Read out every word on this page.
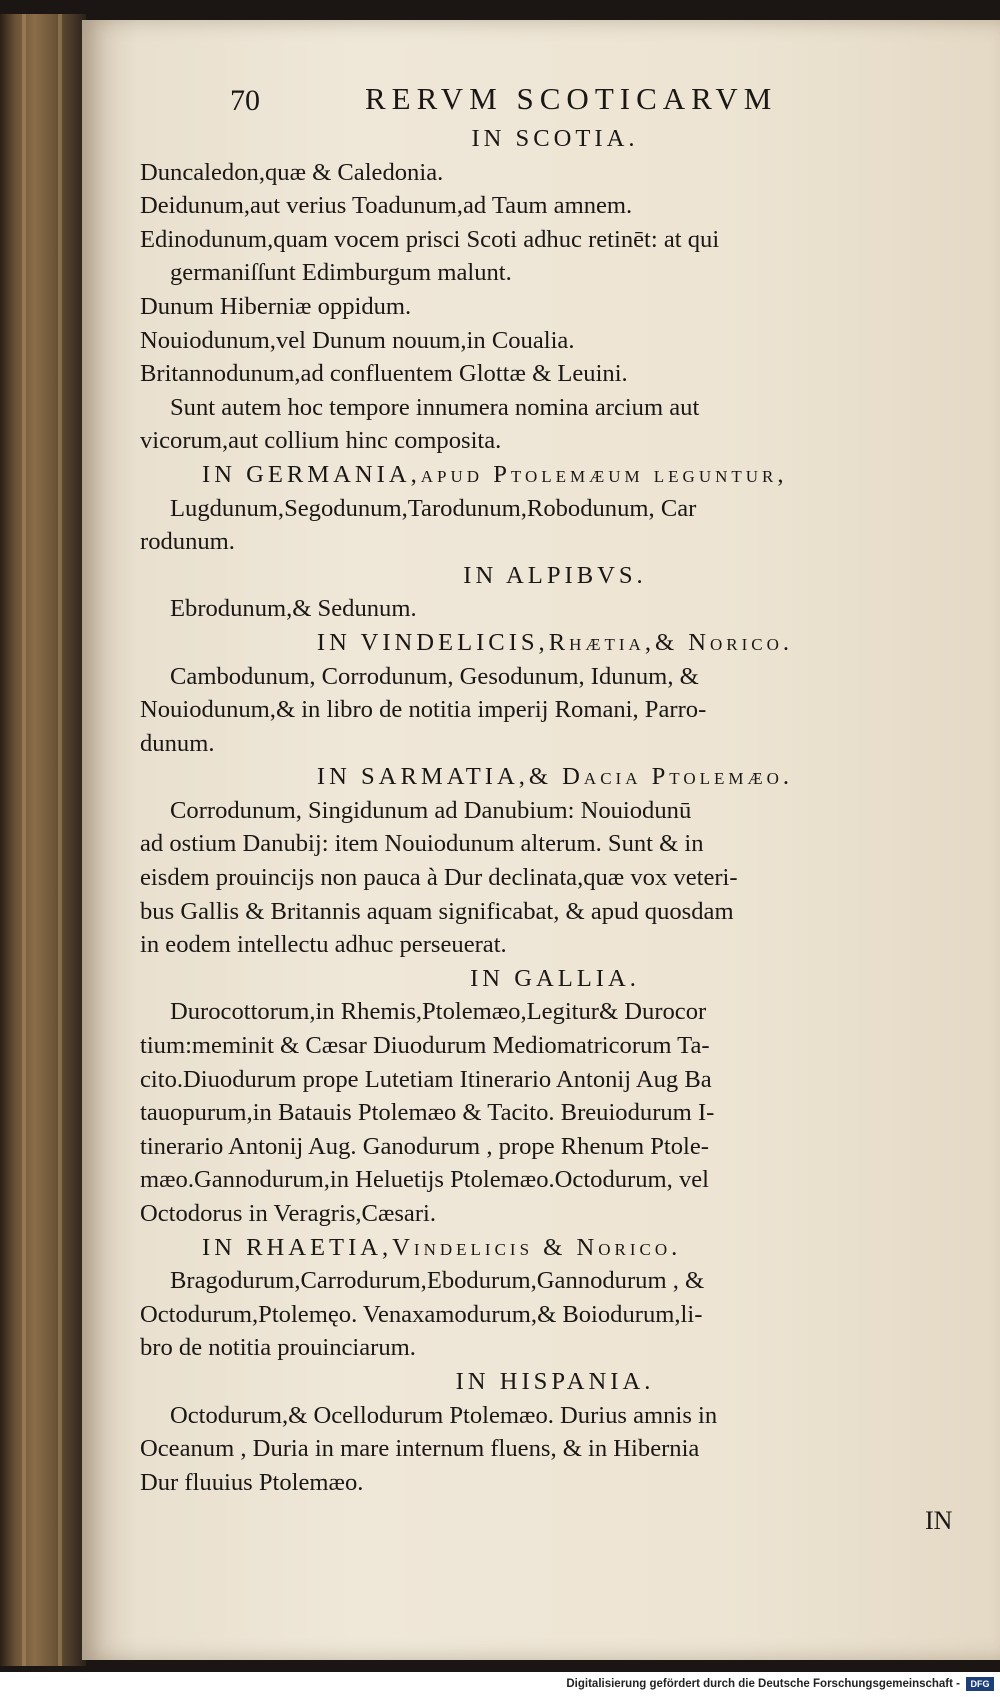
70	RERVM SCOTICARVM
IN SCOTIA.
Duncaledon,quæ & Caledonia.
Deidunum,aut verius Toadunum,ad Taum amnem.
Edinodunum,quam vocem prisci Scoti adhuc retinēt: at qui
germaniſſunt Edimburgum malunt.
Dunum Hiberniæ oppidum.
Nouiodunum,vel Dunum nouum,in Coualia.
Britannodunum,ad confluentem Glottæ & Leuini.
Sunt autem hoc tempore innumera nomina arcium aut
vicorum,aut collium hinc composita.
IN GERMANIA,apud Ptolemæum leguntur,
Lugdunum,Segodunum,Tarodunum,Robodunum, Car
rodunum.
IN ALPIBVS.
Ebrodunum,& Sedunum.
IN VINDELICIS,Rhætia,& Norico.
Cambodunum, Corrodunum, Gesodunum, Idunum, &
Nouiodunum,& in libro de notitia imperij Romani, Parro-
dunum.
IN SARMATIA,& Dacia Ptolemæo.
Corrodunum, Singidunum ad Danubium: Nouiodunū
ad ostium Danubij: item Nouiodunum alterum. Sunt & in
eisdem prouincijs non pauca à Dur declinata,quæ vox veteri-
bus Gallis & Britannis aquam significabat, & apud quosdam
in eodem intellectu adhuc perseuerat.
IN GALLIA.
Durocottorum,in Rhemis,Ptolemæo,Legitur& Durocor
tium:meminit & Cæsar Diuodurum Mediomatricorum Ta-
cito.Diuodurum prope Lutetiam Itinerario Antonij Aug Ba
tauopurum,in Batauis Ptolemæo & Tacito. Breuiodurum I-
tinerario Antonij Aug. Ganodurum , prope Rhenum Ptole-
mæo.Gannodurum,in Heluetijs Ptolemæo.Octodurum, vel
Octodorus in Veragris,Cæsari.
IN RHAETIA,Vindelicis & Norico.
Bragodurum,Carrodurum,Ebodurum,Gannodurum , &
Octodurum,Ptolemęo. Venaxamodurum,& Boiodurum,li-
bro de notitia prouinciarum.
IN HISPANIA.
Octodurum,& Ocellodurum Ptolemæo. Durius amnis in
Oceanum , Duria in mare internum fluens, & in Hibernia
Dur fluuius Ptolemæo.
IN
Digitalisierung gefördert durch die Deutsche Forschungsgemeinschaft -	DFG
